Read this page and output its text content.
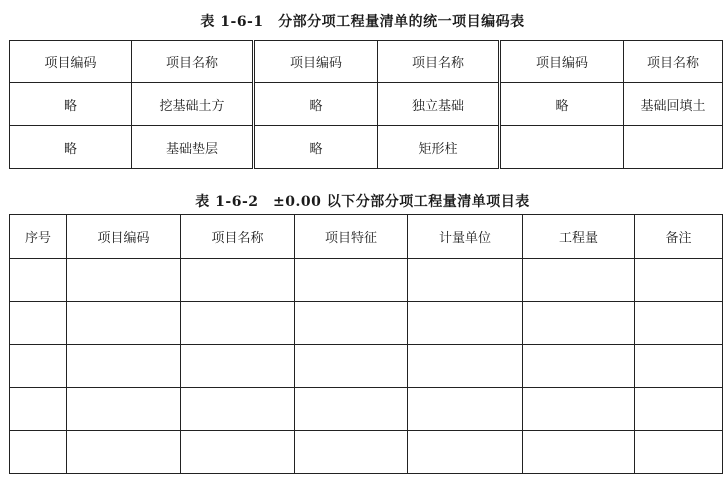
表 1-6-1　分部分项工程量清单的统一项目编码表
项目编码	项目名称	项目编码	项目名称	项目编码	项目名称
略	挖基础土方	略	独立基础	略	基础回填土
略	基础垫层	略	矩形柱		
表 1-6-2　±0.00 以下分部分项工程量清单项目表
序号	项目编码	项目名称	项目特征	计量单位	工程量	备注
